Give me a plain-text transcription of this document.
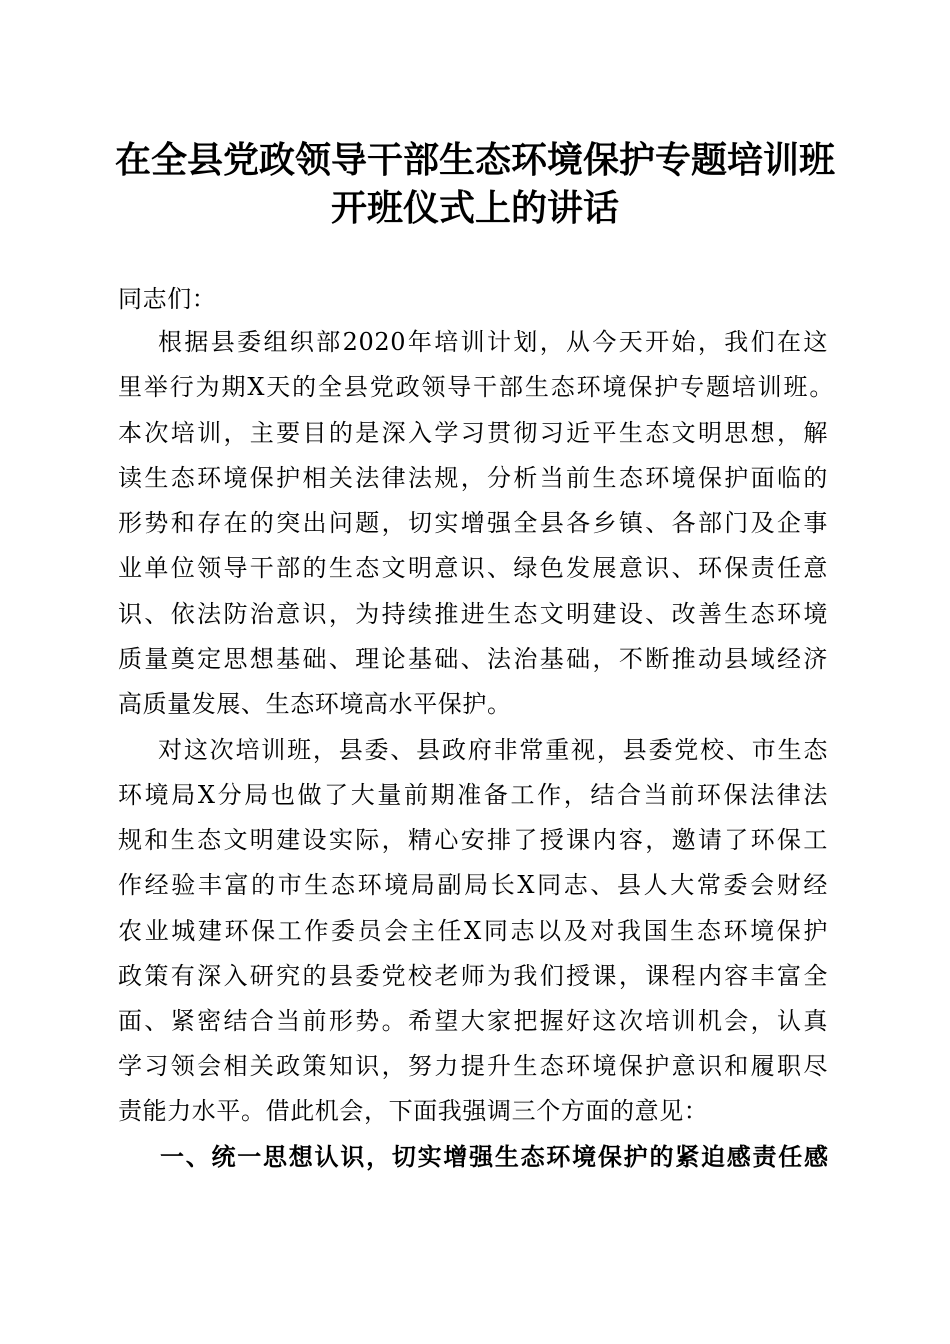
在全县党政领导干部生态环境保护专题培训班
开班仪式上的讲话
同志们：
根据县委组织部2020年培训计划，从今天开始，我们在这
里举行为期X天的全县党政领导干部生态环境保护专题培训班。
本次培训，主要目的是深入学习贯彻习近平生态文明思想，解
读生态环境保护相关法律法规，分析当前生态环境保护面临的
形势和存在的突出问题，切实增强全县各乡镇、各部门及企事
业单位领导干部的生态文明意识、绿色发展意识、环保责任意
识、依法防治意识，为持续推进生态文明建设、改善生态环境
质量奠定思想基础、理论基础、法治基础，不断推动县域经济
高质量发展、生态环境高水平保护。
对这次培训班，县委、县政府非常重视，县委党校、市生态
环境局X分局也做了大量前期准备工作，结合当前环保法律法
规和生态文明建设实际，精心安排了授课内容，邀请了环保工
作经验丰富的市生态环境局副局长X同志、县人大常委会财经
农业城建环保工作委员会主任X同志以及对我国生态环境保护
政策有深入研究的县委党校老师为我们授课，课程内容丰富全
面、紧密结合当前形势。希望大家把握好这次培训机会，认真
学习领会相关政策知识，努力提升生态环境保护意识和履职尽
责能力水平。借此机会，下面我强调三个方面的意见：
一、统一思想认识，切实增强生态环境保护的紧迫感责任感
